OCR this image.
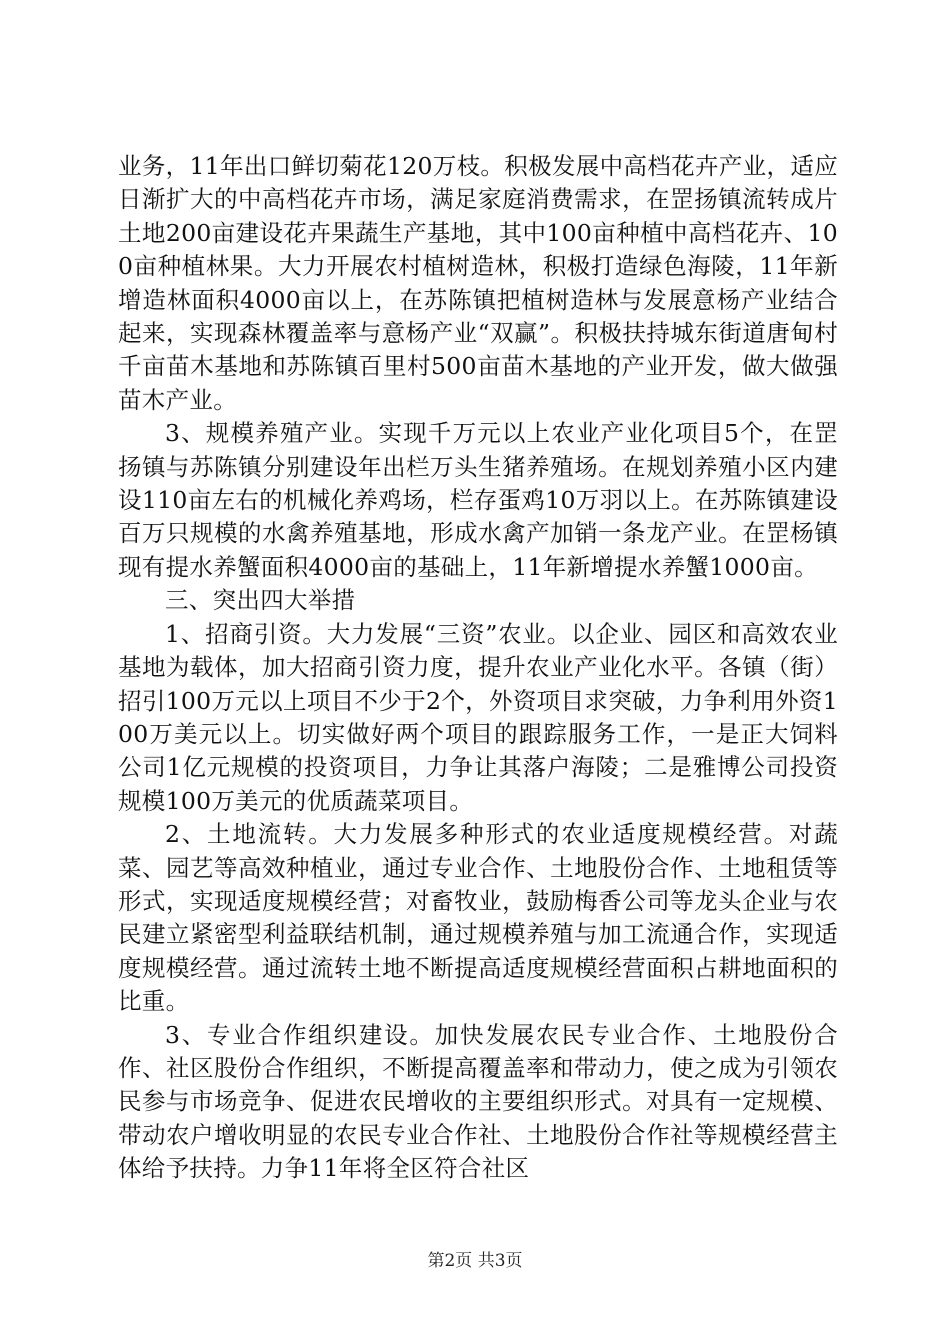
业务，11年出口鲜切菊花120万枝。积极发展中高档花卉产业，适应日渐扩大的中高档花卉市场，满足家庭消费需求，在罡扬镇流转成片土地200亩建设花卉果蔬生产基地，其中100亩种植中高档花卉、100亩种植林果。大力开展农村植树造林，积极打造绿色海陵，11年新增造林面积4000亩以上，在苏陈镇把植树造林与发展意杨产业结合起来，实现森林覆盖率与意杨产业“双赢”。积极扶持城东街道唐甸村千亩苗木基地和苏陈镇百里村500亩苗木基地的产业开发，做大做强苗木产业。

3、规模养殖产业。实现千万元以上农业产业化项目5个，在罡扬镇与苏陈镇分别建设年出栏万头生猪养殖场。在规划养殖小区内建设110亩左右的机械化养鸡场，栏存蛋鸡10万羽以上。在苏陈镇建设百万只规模的水禽养殖基地，形成水禽产加销一条龙产业。在罡杨镇现有提水养蟹面积4000亩的基础上，11年新增提水养蟹1000亩。

三、突出四大举措

1、招商引资。大力发展“三资”农业。以企业、园区和高效农业基地为载体，加大招商引资力度，提升农业产业化水平。各镇（街）招引100万元以上项目不少于2个，外资项目求突破，力争利用外资100万美元以上。切实做好两个项目的跟踪服务工作，一是正大饲料公司1亿元规模的投资项目，力争让其落户海陵；二是雅博公司投资规模100万美元的优质蔬菜项目。

2、土地流转。大力发展多种形式的农业适度规模经营。对蔬菜、园艺等高效种植业，通过专业合作、土地股份合作、土地租赁等形式，实现适度规模经营；对畜牧业，鼓励梅香公司等龙头企业与农民建立紧密型利益联结机制，通过规模养殖与加工流通合作，实现适度规模经营。通过流转土地不断提高适度规模经营面积占耕地面积的比重。

3、专业合作组织建设。加快发展农民专业合作、土地股份合作、社区股份合作组织，不断提高覆盖率和带动力，使之成为引领农民参与市场竞争、促进农民增收的主要组织形式。对具有一定规模、带动农户增收明显的农民专业合作社、土地股份合作社等规模经营主体给予扶持。力争11年将全区符合社区

第2页 共3页
